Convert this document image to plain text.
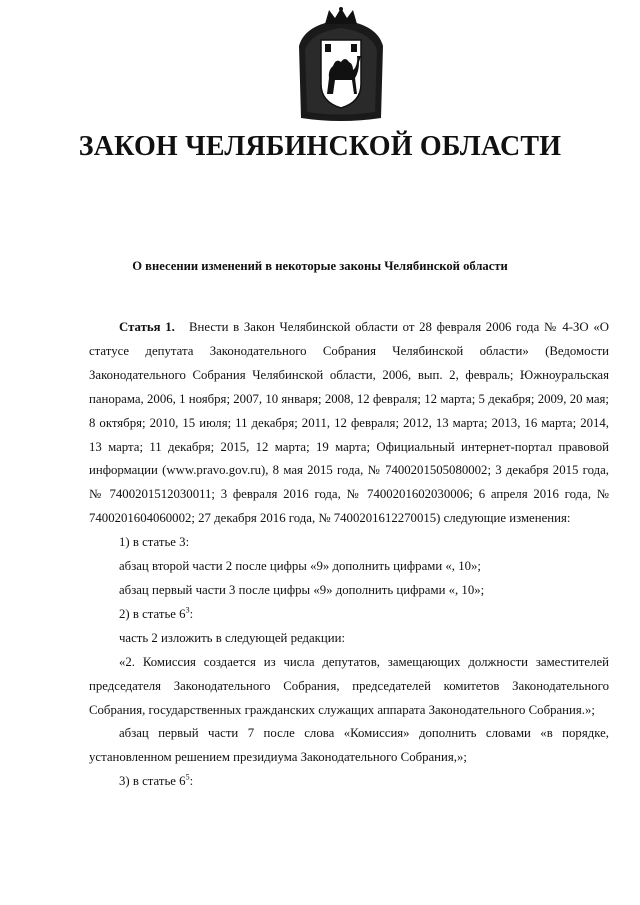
ЗАКОН ЧЕЛЯБИНСКОЙ ОБЛАСТИ
О внесении изменений в некоторые законы Челябинской области

Статья 1. Внести в Закон Челябинской области от 28 февраля 2006 года № 4-ЗО «О статусе депутата Законодательного Собрания Челябинской области» (Ведомости Законодательного Собрания Челябинской области, 2006, вып. 2, февраль; Южноуральская панорама, 2006, 1 ноября; 2007, 10 января; 2008, 12 февраля; 12 марта; 5 декабря; 2009, 20 мая; 8 октября; 2010, 15 июля; 11 декабря; 2011, 12 февраля; 2012, 13 марта; 2013, 16 марта; 2014, 13 марта; 11 декабря; 2015, 12 марта; 19 марта; Официальный интернет-портал правовой информации (www.pravo.gov.ru), 8 мая 2015 года, № 7400201505080002; 3 декабря 2015 года, № 7400201512030011; 3 февраля 2016 года, № 7400201602030006; 6 апреля 2016 года, № 7400201604060002; 27 декабря 2016 года, № 7400201612270015) следующие изменения:

1) в статье 3:

абзац второй части 2 после цифры «9» дополнить цифрами «, 10»;

абзац первый части 3 после цифры «9» дополнить цифрами «, 10»;

2) в статье $6^3$:

часть 2 изложить в следующей редакции:

«2. Комиссия создается из числа депутатов, замещающих должности заместителей председателя Законодательного Собрания, председателей комитетов Законодательного Собрания, государственных гражданских служащих аппарата Законодательного Собрания.»;

абзац первый части 7 после слова «Комиссия» дополнить словами «в порядке, установленном решением президиума Законодательного Собрания,»;

3) в статье $6^5$:
